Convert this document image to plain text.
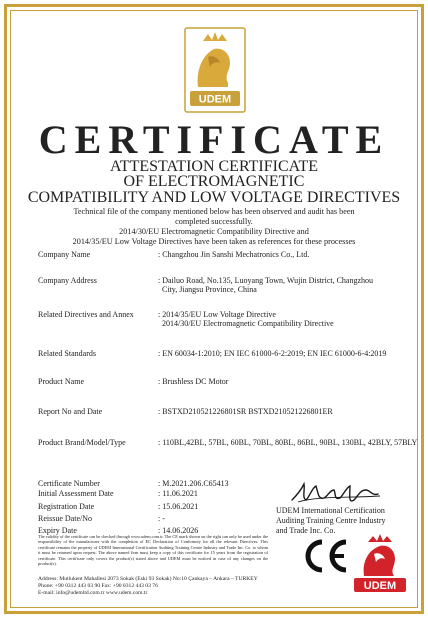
UDEM
CERTIFICATE
ATTESTATION CERTIFICATE
OF ELECTROMAGNETIC
COMPATIBILITY AND LOW VOLTAGE DIRECTIVES
Technical file of the company mentioned below has been observed and audit has been
completed successfully.
2014/30/EU Electromagnetic Compatibility Directive and
2014/35/EU Low Voltage Directives have been taken as references for these processes
Company Name	: Changzhou Jin Sanshi Mechatronics Co., Ltd.
Company Address	: Dailuo Road, No.135, Luoyang Town, Wujin District, Changzhou
City, Jiangsu Province, China
Related Directives and Annex	: 2014/35/EU Low Voltage Directive
2014/30/EU Electromagnetic Compatibility Directive
Related Standards	: EN 60034-1:2010; EN IEC 61000-6-2:2019; EN IEC 61000-6-4:2019
Product Name	: Brushless DC Motor
Report No and Date	: BSTXD210521226801SR BSTXD210521226801ER
Product Brand/Model/Type	: 110BL,42BL, 57BL, 60BL, 70BL, 80BL, 86BL, 90BL, 130BL, 42BLY, 57BLY
Certificate Number	: M.2021.206.C65413
Initial Assessment Date	: 11.06.2021
Registration Date	: 15.06.2021
Reissue Date/No	: -
Expiry Date	: 14.06.2026
UDEM International Certification
Auditing Training Centre Industry
and Trade Inc. Co.
The validity of the certificate can be checked through www.udem.com.tr. The CE mark shown on the right can only be used under the responsibility of the manufacturer with the completion of EC Declaration of Conformity for all the relevant Directives. This certificate remains the property of UDEM International Certification Auditing Training Centre Industry and Trade Inc. Co. to whom it must be returned upon request. The above named firm must keep a copy of this certificate for 15 years from the registration of certificate. This certificate only covers the product(s) stated above and UDEM must be noticed in case of any changes on the product(s).
Address: Mutlukent Mahallesi 2073 Sokak (Eski 93 Sokak) No:10 Çankaya – Ankara – TURKEY
Phone: +90 0312 443 03 90 Fax: +90 0312 443 03 76
E-mail: info@udemltd.com.tr www.udem.com.tr
UDEM
